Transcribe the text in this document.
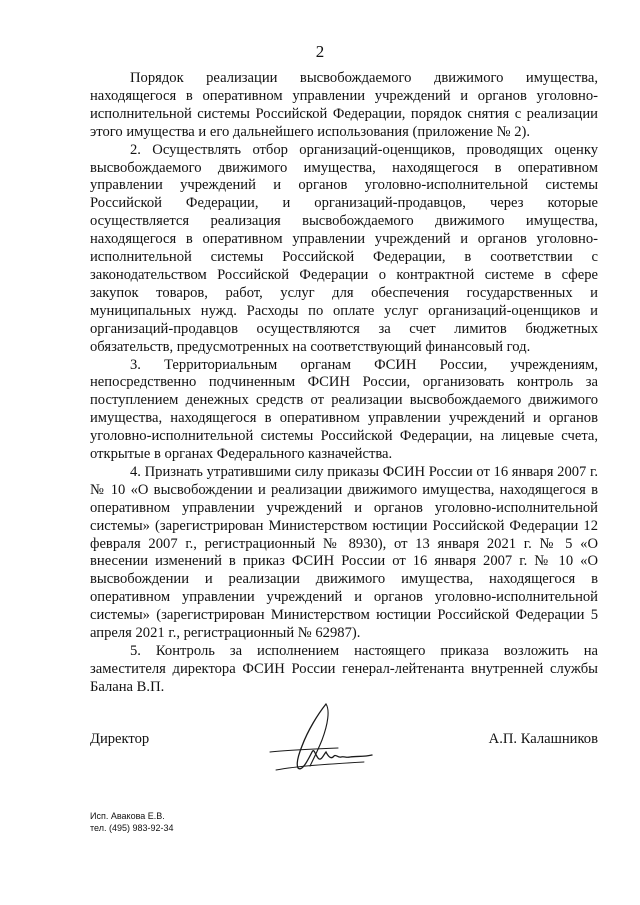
2

Порядок реализации высвобождаемого движимого имущества, находящегося в оперативном управлении учреждений и органов уголовно-исполнительной системы Российской Федерации, порядок снятия с реализации этого имущества и его дальнейшего использования (приложение № 2).

2. Осуществлять отбор организаций-оценщиков, проводящих оценку высвобождаемого движимого имущества, находящегося в оперативном управлении учреждений и органов уголовно-исполнительной системы Российской Федерации, и организаций-продавцов, через которые осуществляется реализация высвобождаемого движимого имущества, находящегося в оперативном управлении учреждений и органов уголовно-исполнительной системы Российской Федерации, в соответствии с законодательством Российской Федерации о контрактной системе в сфере закупок товаров, работ, услуг для обеспечения государственных и муниципальных нужд. Расходы по оплате услуг организаций-оценщиков и организаций-продавцов осуществляются за счет лимитов бюджетных обязательств, предусмотренных на соответствующий финансовый год.

3. Территориальным органам ФСИН России, учреждениям, непосредственно подчиненным ФСИН России, организовать контроль за поступлением денежных средств от реализации высвобождаемого движимого имущества, находящегося в оперативном управлении учреждений и органов уголовно-исполнительной системы Российской Федерации, на лицевые счета, открытые в органах Федерального казначейства.

4. Признать утратившими силу приказы ФСИН России от 16 января 2007 г. № 10 «О высвобождении и реализации движимого имущества, находящегося в оперативном управлении учреждений и органов уголовно-исполнительной системы» (зарегистрирован Министерством юстиции Российской Федерации 12 февраля 2007 г., регистрационный № 8930), от 13 января 2021 г. № 5 «О внесении изменений в приказ ФСИН России от 16 января 2007 г. № 10 «О высвобождении и реализации движимого имущества, находящегося в оперативном управлении учреждений и органов уголовно-исполнительной системы» (зарегистрирован Министерством юстиции Российской Федерации 5 апреля 2021 г., регистрационный № 62987).

5. Контроль за исполнением настоящего приказа возложить на заместителя директора ФСИН России генерал-лейтенанта внутренней службы Балана В.П.

Директор	А.П. Калашников
Исп. Авакова Е.В.
тел. (495) 983-92-34
